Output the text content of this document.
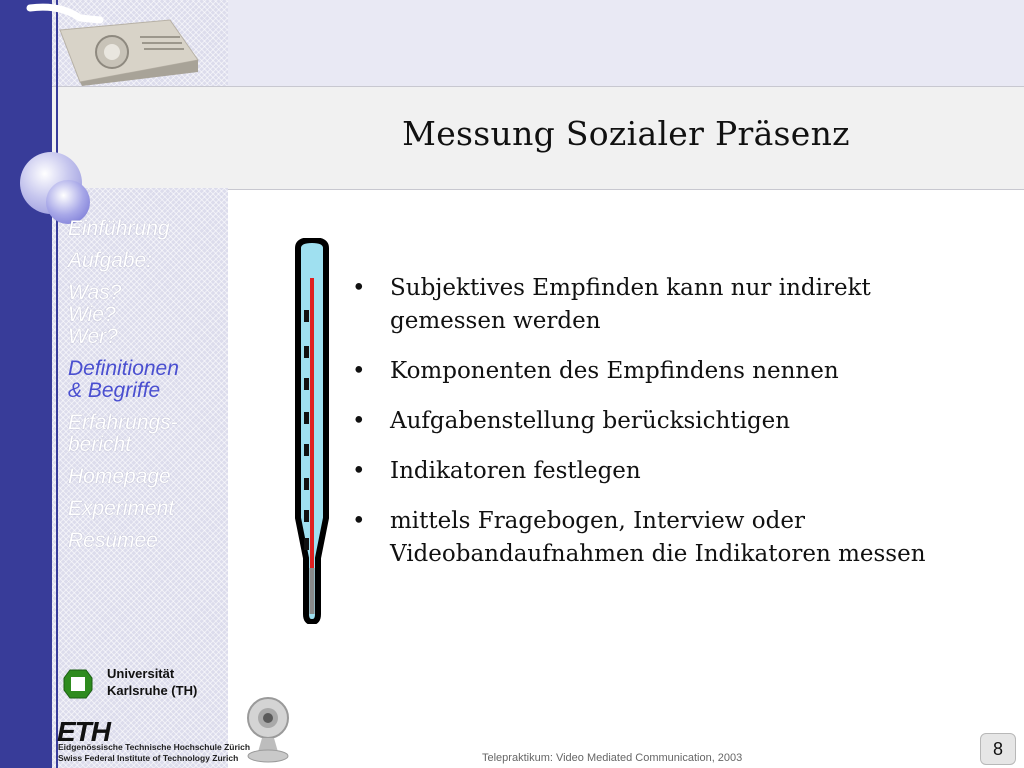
Messung Sozialer Präsenz
Einführung
Aufgabe:
Was?
Wie?
Wer?
Definitionen
& Begriffe
Erfahrungs-
bericht
Homepage
Experiment
Resümee
Universität
Karlsruhe (TH)
ETH
Eidgenössische Technische Hochschule Zürich
Swiss Federal Institute of Technology Zurich
• Subjektives Empfinden kann nur indirekt gemessen werden
• Komponenten des Empfindens nennen
• Aufgabenstellung berücksichtigen
• Indikatoren festlegen
• mittels Fragebogen, Interview oder Videobandaufnahmen die Indikatoren messen
Telepraktikum: Video Mediated Communication, 2003	8
